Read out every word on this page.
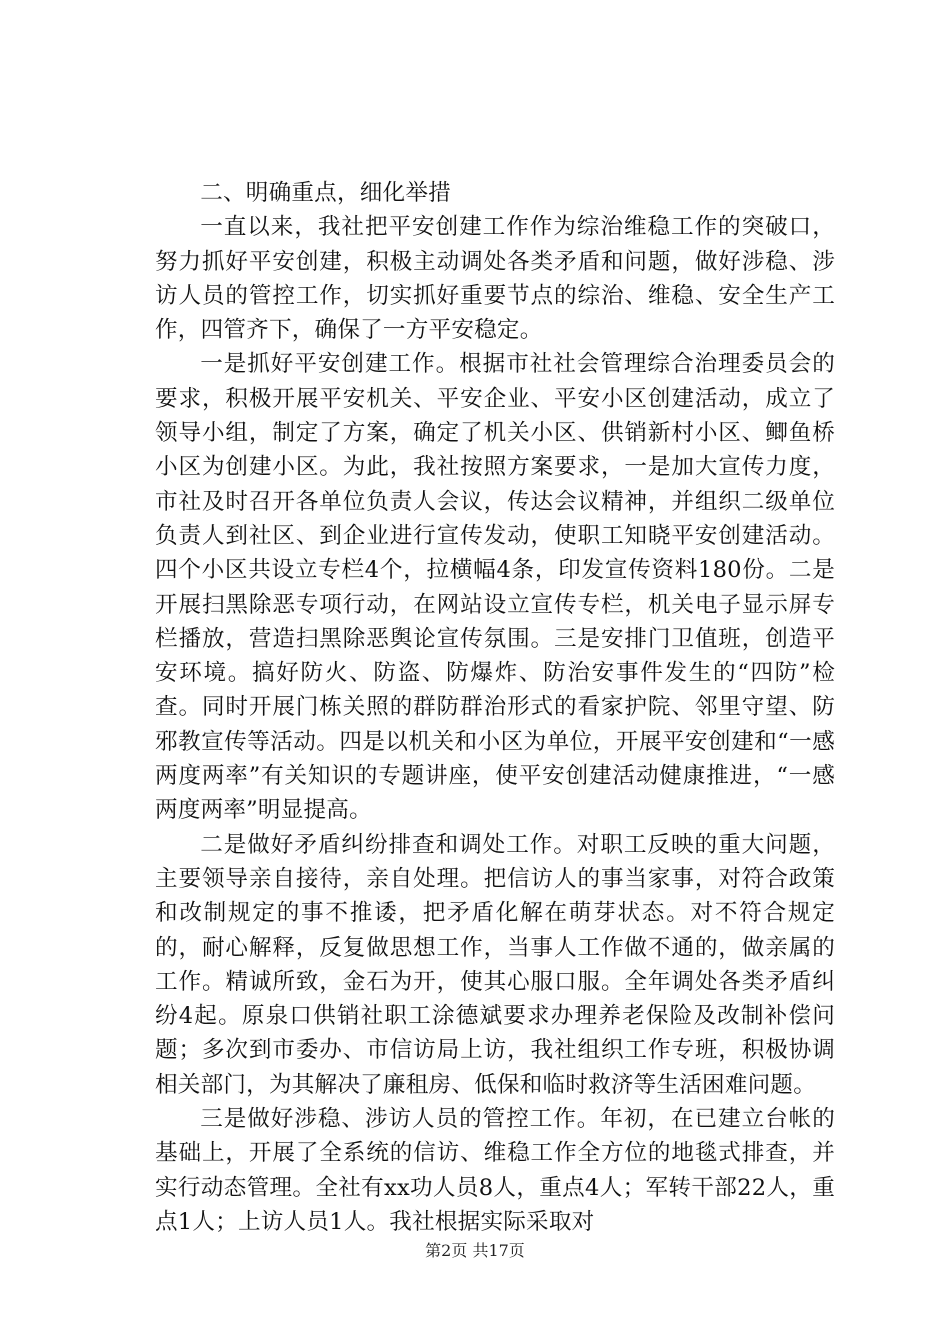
二、明确重点，细化举措

一直以来，我社把平安创建工作作为综治维稳工作的突破口，努力抓好平安创建，积极主动调处各类矛盾和问题，做好涉稳、涉访人员的管控工作，切实抓好重要节点的综治、维稳、安全生产工作，四管齐下，确保了一方平安稳定。

一是抓好平安创建工作。根据市社社会管理综合治理委员会的要求，积极开展平安机关、平安企业、平安小区创建活动，成立了领导小组，制定了方案，确定了机关小区、供销新村小区、鲫鱼桥小区为创建小区。为此，我社按照方案要求，一是加大宣传力度，市社及时召开各单位负责人会议，传达会议精神，并组织二级单位负责人到社区、到企业进行宣传发动，使职工知晓平安创建活动。四个小区共设立专栏4个，拉横幅4条，印发宣传资料180份。二是开展扫黑除恶专项行动，在网站设立宣传专栏，机关电子显示屏专栏播放，营造扫黑除恶舆论宣传氛围。三是安排门卫值班，创造平安环境。搞好防火、防盗、防爆炸、防治安事件发生的“四防”检查。同时开展门栋关照的群防群治形式的看家护院、邻里守望、防邪教宣传等活动。四是以机关和小区为单位，开展平安创建和“一感两度两率”有关知识的专题讲座，使平安创建活动健康推进，“一感两度两率”明显提高。

二是做好矛盾纠纷排查和调处工作。对职工反映的重大问题，主要领导亲自接待，亲自处理。把信访人的事当家事，对符合政策和改制规定的事不推诿，把矛盾化解在萌芽状态。对不符合规定的，耐心解释，反复做思想工作，当事人工作做不通的，做亲属的工作。精诚所致，金石为开，使其心服口服。全年调处各类矛盾纠纷4起。原泉口供销社职工涂德斌要求办理养老保险及改制补偿问题；多次到市委办、市信访局上访，我社组织工作专班，积极协调相关部门，为其解决了廉租房、低保和临时救济等生活困难问题。

三是做好涉稳、涉访人员的管控工作。年初，在已建立台帐的基础上，开展了全系统的信访、维稳工作全方位的地毯式排查，并实行动态管理。全社有xx功人员8人，重点4人；军转干部22人，重点1人；上访人员1人。我社根据实际采取对

第2页 共17页
